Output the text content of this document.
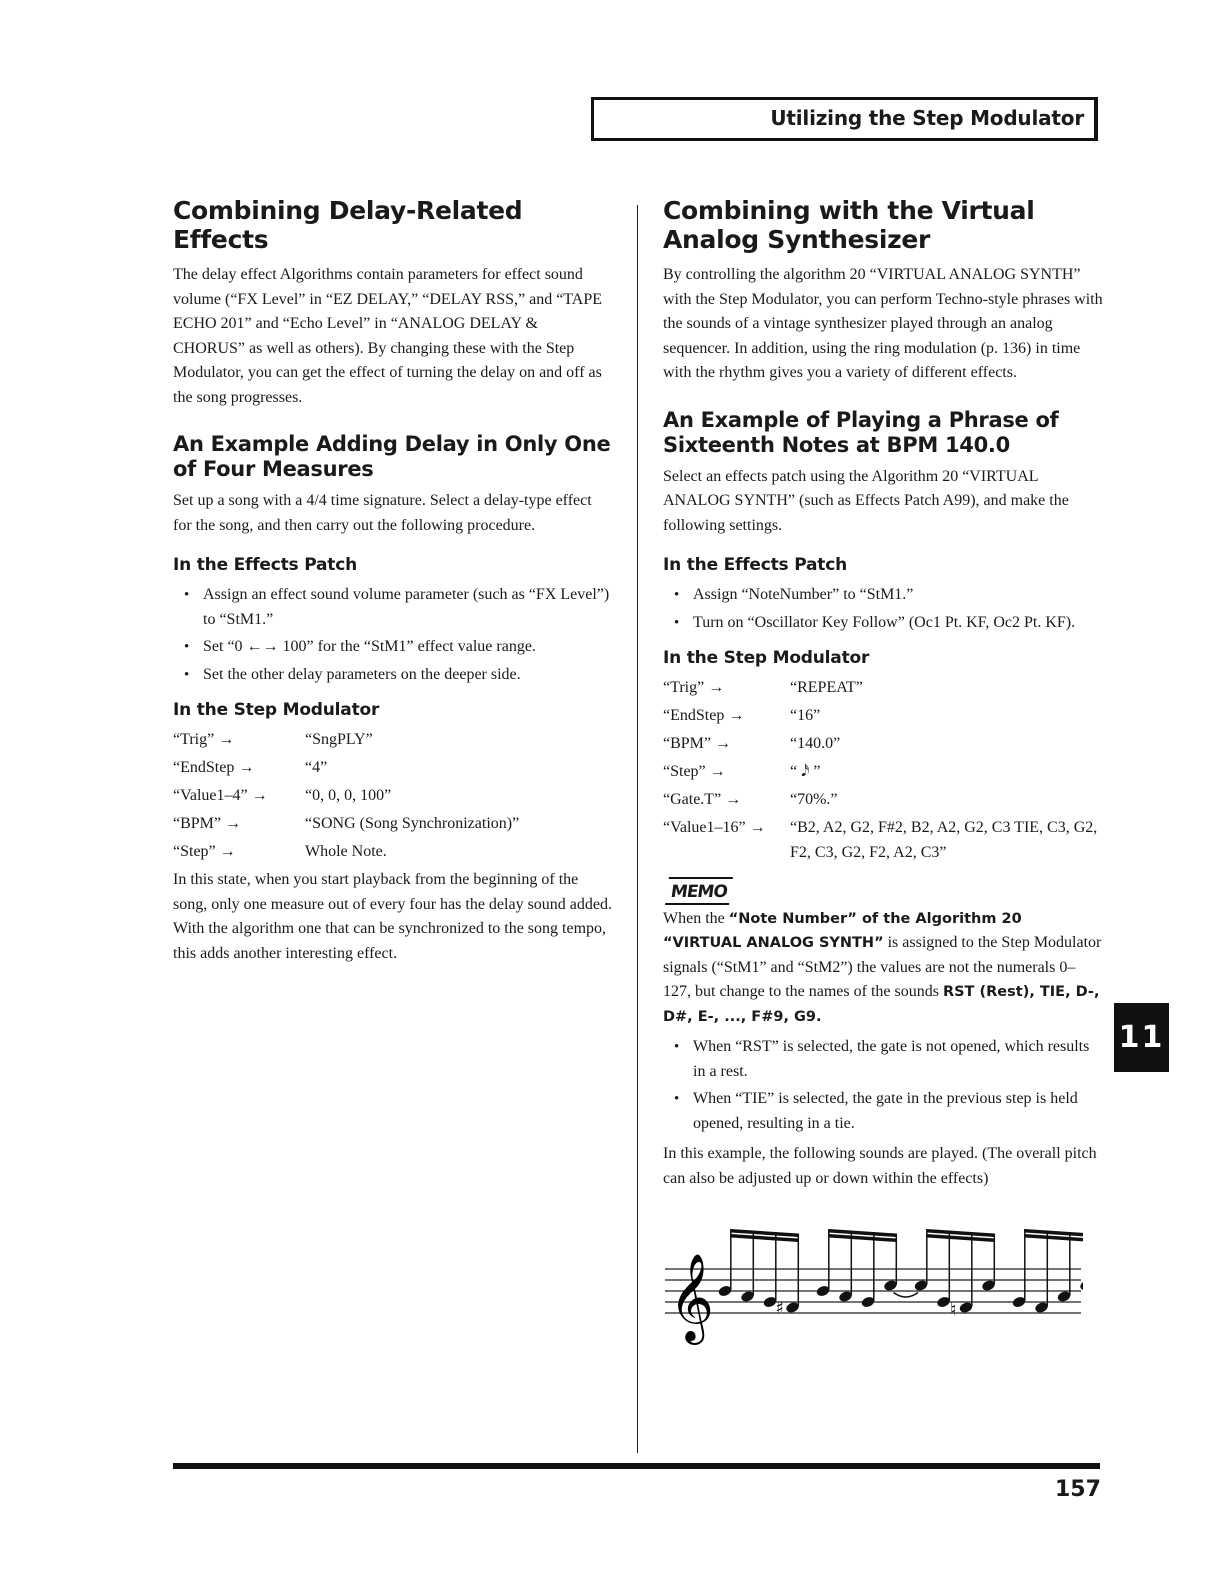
Utilizing the Step Modulator
Combining Delay-Related Effects

The delay effect Algorithms contain parameters for effect sound volume (“FX Level” in “EZ DELAY,” “DELAY RSS,” and “TAPE ECHO 201” and “Echo Level” in “ANALOG DELAY & CHORUS” as well as others). By changing these with the Step Modulator, you can get the effect of turning the delay on and off as the song progresses.

An Example Adding Delay in Only One of Four Measures

Set up a song with a 4/4 time signature. Select a delay-type effect for the song, and then carry out the following procedure.

In the Effects Patch
• Assign an effect sound volume parameter (such as “FX Level”) to “StM1.”
• Set “0 ←→ 100” for the “StM1” effect value range.
• Set the other delay parameters on the deeper side.
In the Step Modulator
“Trig” →	“SngPLY”
“EndStep →	“4”
“Value1–4” →	“0, 0, 0, 100”
“BPM” →	“SONG (Song Synchronization)”
“Step” →	Whole Note.

In this state, when you start playback from the beginning of the song, only one measure out of every four has the delay sound added. With the algorithm one that can be synchronized to the song tempo, this adds another interesting effect.

Combining with the Virtual Analog Synthesizer

By controlling the algorithm 20 “VIRTUAL ANALOG SYNTH” with the Step Modulator, you can perform Techno-style phrases with the sounds of a vintage synthesizer played through an analog sequencer. In addition, using the ring modulation (p. 136) in time with the rhythm gives you a variety of different effects.

An Example of Playing a Phrase of Sixteenth Notes at BPM 140.0

Select an effects patch using the Algorithm 20 “VIRTUAL ANALOG SYNTH” (such as Effects Patch A99), and make the following settings.

In the Effects Patch
• Assign “NoteNumber” to “StM1.”
• Turn on “Oscillator Key Follow” (Oc1 Pt. KF, Oc2 Pt. KF).
In the Step Modulator
“Trig” →	“REPEAT”
“EndStep →	“16”
“BPM” →	“140.0”
“Step” →	“ 𝅘𝅥𝅯 ”
“Gate.T” →	“70%.”
“Value1–16” →	“B2, A2, G2, F#2, B2, A2, G2, C3 TIE, C3, G2, F2, C3, G2, F2, A2, C3”
MEMO

When the “Note Number” of the Algorithm 20 “VIRTUAL ANALOG SYNTH” is assigned to the Step Modulator signals (“StM1” and “StM2”) the values are not the numerals 0–127, but change to the names of the sounds RST (Rest), TIE, D-, D#, E-, ..., F#9, G9.

• When “RST” is selected, the gate is not opened, which results in a rest.
• When “TIE” is selected, the gate in the previous step is held opened, resulting in a tie.

In this example, the following sounds are played. (The overall pitch can also be adjusted up or down within the effects)

𝄞	♯	♮
11
157
